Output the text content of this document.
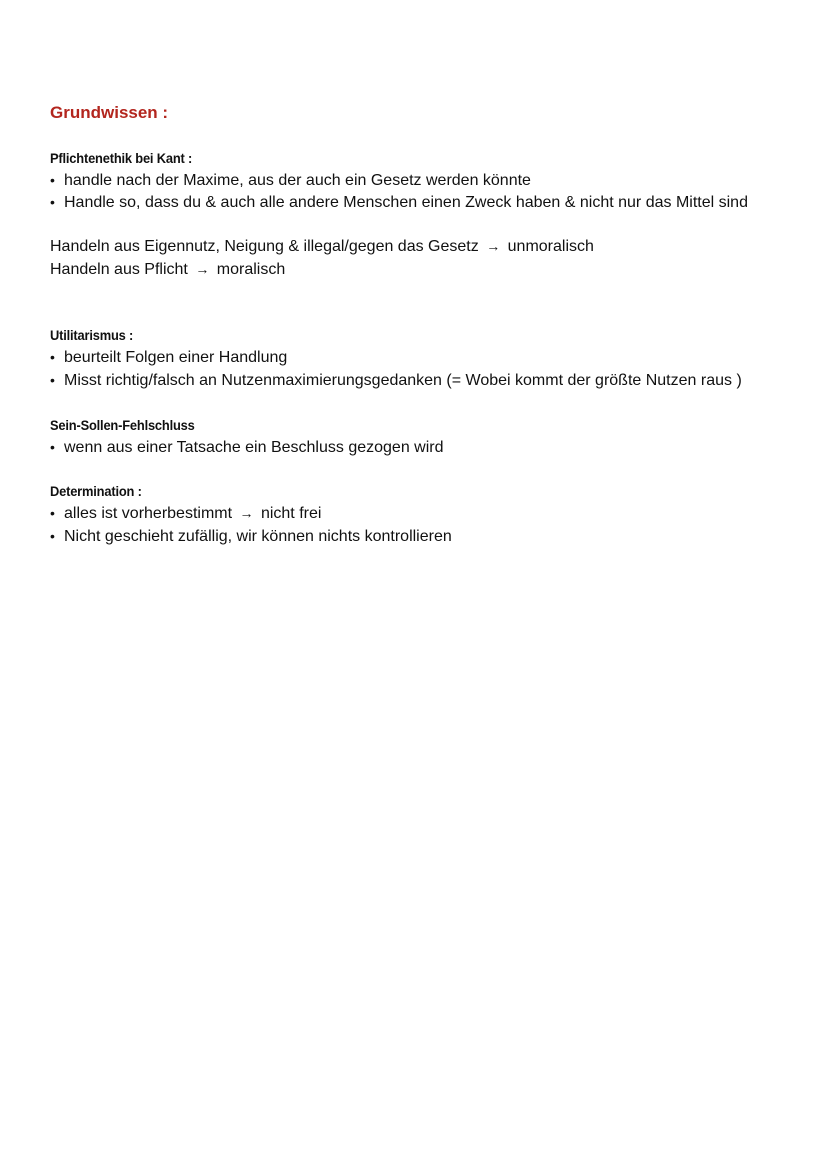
Grundwissen :
Pflichtenethik bei Kant :
• handle nach der Maxime, aus der auch ein Gesetz werden könnte
• Handle so, dass du & auch alle andere Menschen einen Zweck haben & nicht nur das Mittel sind
Handeln aus Eigennutz, Neigung & illegal/gegen das Gesetz → unmoralisch
Handeln aus Pflicht → moralisch
Utilitarismus :
• beurteilt Folgen einer Handlung
• Misst richtig/falsch an Nutzenmaximierungsgedanken (= Wobei kommt der größte Nutzen raus )
Sein-Sollen-Fehlschluss
• wenn aus einer Tatsache ein Beschluss gezogen wird
Determination :
• alles ist vorherbestimmt → nicht frei
• Nicht geschieht zufällig, wir können nichts kontrollieren
